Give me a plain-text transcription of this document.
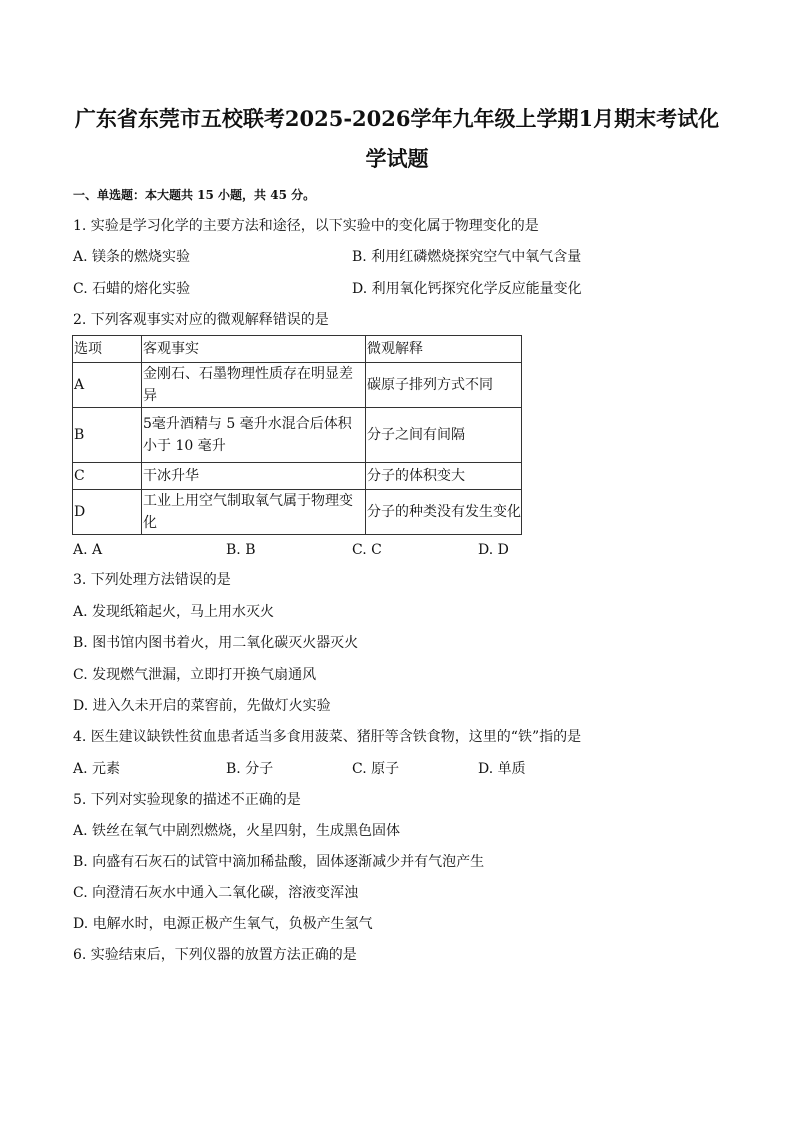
广东省东莞市五校联考2025-2026学年九年级上学期1月期末考试化
学试题
一、单选题：本大题共 15 小题，共 45 分。
1. 实验是学习化学的主要方法和途径，以下实验中的变化属于物理变化的是
A. 镁条的燃烧实验	B. 利用红磷燃烧探究空气中氧气含量
C. 石蜡的熔化实验	D. 利用氧化钙探究化学反应能量变化
2. 下列客观事实对应的微观解释错误的是
选项	客观事实	微观解释
A	金刚石、石墨物理性质存在明显差异	碳原子排列方式不同
B	5毫升酒精与 5 毫升水混合后体积小于 10 毫升	分子之间有间隔
C	干冰升华	分子的体积变大
D	工业上用空气制取氧气属于物理变化	分子的种类没有发生变化
A. A	B. B	C. C	D. D
3. 下列处理方法错误的是
A. 发现纸箱起火，马上用水灭火
B. 图书馆内图书着火，用二氧化碳灭火器灭火
C. 发现燃气泄漏，立即打开换气扇通风
D. 进入久未开启的菜窖前，先做灯火实验
4. 医生建议缺铁性贫血患者适当多食用菠菜、猪肝等含铁食物，这里的“铁”指的是
A. 元素	B. 分子	C. 原子	D. 单质
5. 下列对实验现象的描述不正确的是
A. 铁丝在氧气中剧烈燃烧，火星四射，生成黑色固体
B. 向盛有石灰石的试管中滴加稀盐酸，固体逐渐减少并有气泡产生
C. 向澄清石灰水中通入二氧化碳，溶液变浑浊
D. 电解水时，电源正极产生氧气，负极产生氢气
6. 实验结束后，下列仪器的放置方法正确的是
